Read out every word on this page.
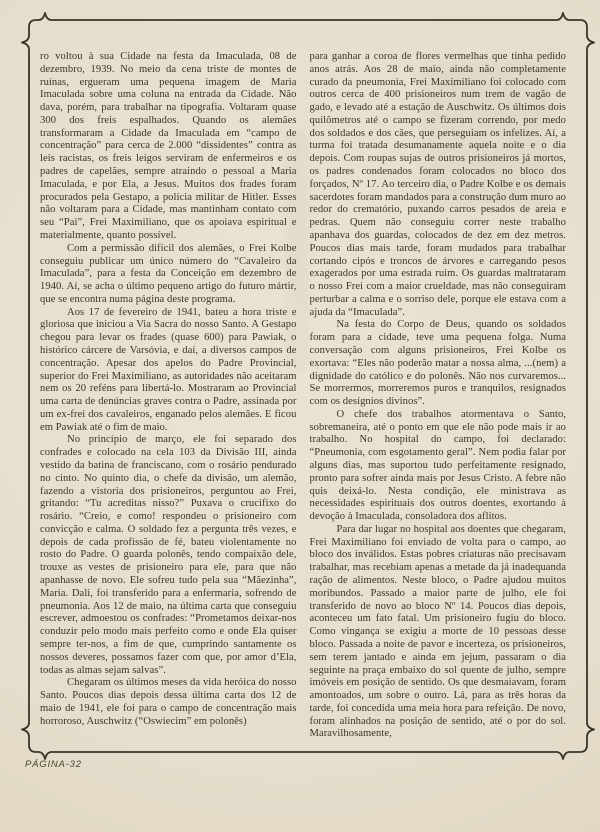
ro voltou à sua Cidade na festa da Imaculada, 08 de dezembro, 1939. No meio da cena triste de montes de ruínas, ergueram uma pequena imagem de Maria Imaculada sobre uma coluna na entrada da Cidade. Não dava, porém, para trabalhar na tipografia. Voltaram quase 300 dos freis espalhados. Quando os alemães transformaram a Cidade da Imaculada em “campo de concentração” para cerca de 2.000 “dissidentes” contra as leis racistas, os freis leigos serviram de enfermeiros e os padres de capelães, sempre atraindo o pessoal a Maria Imaculada, e por Ela, a Jesus. Muitos dos frades foram procurados pela Gestapo, a polícia militar de Hitler. Esses não voltaram para a Cidade, mas mantinham contato com seu “Pai”, Frei Maximiliano, que os apoiava espiritual e materialmente, quanto possível.

Com a permissão difícil dos alemães, o Frei Kolbe conseguiu publicar um único número do “Cavaleiro da Imaculada”, para a festa da Conceição em dezembro de 1940. Aí, se acha o último pequeno artigo do futuro mártir, que se encontra numa página deste programa.

Aos 17 de fevereiro de 1941, bateu a hora triste e gloriosa que iniciou a Via Sacra do nosso Santo. A Gestapo chegou para levar os frades (quase 600) para Pawiak, o histórico cárcere de Varsóvia, e daí, a diversos campos de concentração. Apesar dos apelos do Padre Provincial, superior do Frei Maximiliano, as autoridades não aceitaram nem os 20 reféns para libertá-lo. Mostraram ao Provincial uma carta de denúncias graves contra o Padre, assinada por um ex-frei dos cavaleiros, enganado pelos alemães. E ficou em Pawiak até o fim de maio.

No princípio de março, ele foi separado dos confrades e colocado na cela 103 da Divisão III, ainda vestido da batina de franciscano, com o rosário pendurado no cinto. No quinto dia, o chefe da divisão, um alemão, fazendo a vistoria dos prisioneiros, perguntou ao Frei, gritando: “Tu acreditas nisso?” Puxava o crucifixo do rosário. “Creio, e como! respondeu o prisioneiro com convicção e calma. O soldado fez a pergunta três vezes, e depois de cada profissão de fé, bateu violentamente no rosto do Padre. O guarda polonês, tendo compaixão dele, trouxe as vestes de prisioneiro para ele, para que não apanhasse de novo. Ele sofreu tudo pela sua “Mãezinha”, Maria. Dali, foi transferido para a enfermaria, sofrendo de pneumonia. Aos 12 de maio, na última carta que conseguiu escrever, admoestou os confrades: “Prometamos deixar-nos conduzir pelo modo mais perfeito como e onde Ela quiser sempre ter-nos, a fim de que, cumprindo santamente os nossos deveres, possamos fazer com que, por amor d’Ela, todas as almas sejam salvas”.

Chegaram os últimos meses da vida heróica do nosso Santo. Poucos dias depois dessa última carta dos 12 de maio de 1941, ele foi para o campo de concentração mais horroroso, Auschwitz (“Oswiecim” em polonês)

para ganhar a coroa de flores vermelhas que tinha pedido anos atrás. Aos 28 de maio, ainda não completamente curado da pneumonia, Frei Maximiliano foi colocado com outros cerca de 400 prisioneiros num trem de vagão de gado, e levado até a estação de Auschwitz. Os últimos dois quilômetros até o campo se fizeram correndo, por medo dos soldados e dos cães, que perseguiam os infelizes. Aí, a turma foi tratada desumanamente aquela noite e o dia depois. Com roupas sujas de outros prisioneiros já mortos, os padres condenados foram colocados no bloco dos forçados, Nº 17. Ao terceiro dia, o Padre Kolbe e os demais sacerdotes foram mandados para a construção dum muro ao redor do crematório, puxando carros pesados de areia e pedras. Quem não conseguiu correr neste trabalho apanhava dos guardas, colocados de dez em dez metros. Poucos dias mais tarde, foram mudados para trabalhar cortando cipós e troncos de árvores e carregando pesos exagerados por uma estrada ruim. Os guardas maltrataram o nosso Frei com a maior crueldade, mas não conseguiram perturbar a calma e o sorriso dele, porque ele estava com a ajuda da “Imaculada”.

Na festa do Corpo de Deus, quando os soldados foram para a cidade, teve uma pequena folga. Numa conversação com alguns prisioneiros, Frei Kolbe os exortava: “Eles não poderão matar a nossa alma, ...(nem) a dignidade do católico e do polonês. Não nos curvaremos... Se morrermos, morreremos puros e tranquilos, resignados com os desígnios divinos”.

O chefe dos trabalhos atormentava o Santo, sobremaneira, até o ponto em que ele não pode mais ir ao trabalho. No hospital do campo, foi declarado: “Pneumonia, com esgotamento geral”. Nem podia falar por alguns dias, mas suportou tudo perfeitamente resignado, pronto para sofrer ainda mais por Jesus Cristo. A febre não quis deixá-lo. Nesta condição, ele ministrava as necessidades espirituais dos outros doentes, exortando à devoção à Imaculada, consoladora dos aflitos.

Para dar lugar no hospital aos doentes que chegaram, Frei Maximiliano foi enviado de volta para o campo, ao bloco dos inválidos. Estas pobres criaturas não precisavam trabalhar, mas recebiam apenas a metade da já inadequanda ração de alimentos. Neste bloco, o Padre ajudou muitos moribundos. Passado a maior parte de julho, ele foi transferido de novo ao bloco Nº 14. Poucos dias depois, aconteceu um fato fatal. Um prisioneiro fugiu do bloco. Como vingança se exigiu a morte de 10 pessoas desse bloco. Passada a noite de pavor e incerteza, os prisioneiros, sem terem jantado e ainda em jejum, passaram o dia seguinte na praça embaixo do sol quente de julho, sempre imóveis em posição de sentido. Os que desmaiavam, foram amontoados, um sobre o outro. Lá, para as três horas da tarde, foi concedida uma meia hora para refeição. De novo, foram alinhados na posição de sentido, até o por do sol. Maravilhosamente,

PÁGINA-32
